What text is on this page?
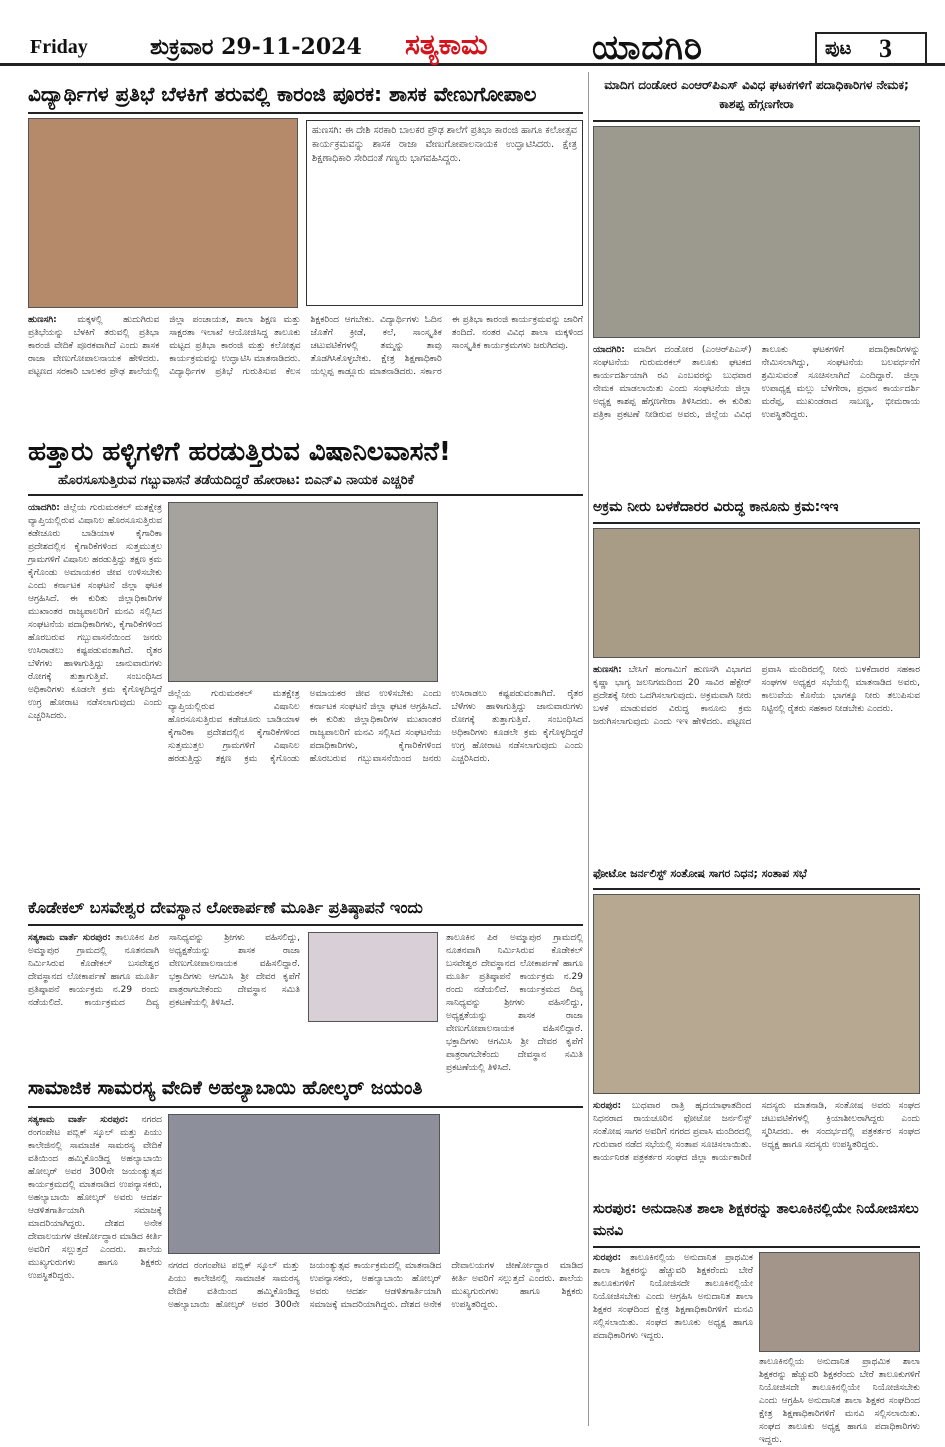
Friday	ಶುಕ್ರವಾರ 29-11-2024 ಸತ್ಯಕಾಮ	ಯಾದಗಿರಿ	ಪುಟ 3
ವಿದ್ಯಾರ್ಥಿಗಳ ಪ್ರತಿಭೆ ಬೆಳಕಿಗೆ ತರುವಲ್ಲಿ ಕಾರಂಜಿ ಪೂರಕ: ಶಾಸಕ ವೇಣುಗೋಪಾಲ
ಹುಣಸಗಿ: ಈ ದೇಶಿ ಸರಕಾರಿ ಬಾಲಕರ ಪ್ರೌಢ ಶಾಲೆಗೆ ಪ್ರತಿಭಾ ಕಾರಂಜಿ ಹಾಗೂ ಕಲೋತ್ಸವ ಕಾರ್ಯಕ್ರಮವನ್ನು ಶಾಸಕ ರಾಜಾ ವೇಣುಗೋಪಾಲನಾಯಕ ಉದ್ಘಾಟಿಸಿದರು. ಕ್ಷೇತ್ರ ಶಿಕ್ಷಣಾಧಿಕಾರಿ ಸೇರಿದಂತೆ ಗಣ್ಯರು ಭಾಗವಹಿಸಿದ್ದರು.
ಹುಣಸಗಿ: ಮಕ್ಕಳಲ್ಲಿ ಹುದುಗಿರುವ ಪ್ರತಿಭೆಯನ್ನು ಬೆಳಕಿಗೆ ತರುವಲ್ಲಿ ಪ್ರತಿಭಾ ಕಾರಂಜಿ ವೇದಿಕೆ ಪೂರಕವಾಗಿದೆ ಎಂದು ಶಾಸಕ ರಾಜಾ ವೇಣುಗೋಪಾಲನಾಯಕ ಹೇಳಿದರು. ಪಟ್ಟಣದ ಸರಕಾರಿ ಬಾಲಕರ ಪ್ರೌಢ ಶಾಲೆಯಲ್ಲಿ ಜಿಲ್ಲಾ ಪಂಚಾಯತ, ಶಾಲಾ ಶಿಕ್ಷಣ ಮತ್ತು ಸಾಕ್ಷರತಾ ಇಲಾಖೆ ಆಯೋಜಿಸಿದ್ದ ತಾಲೂಕು ಮಟ್ಟದ ಪ್ರತಿಭಾ ಕಾರಂಜಿ ಮತ್ತು ಕಲೋತ್ಸವ ಕಾರ್ಯಕ್ರಮವನ್ನು ಉದ್ಘಾಟಿಸಿ ಮಾತನಾಡಿದರು. ವಿದ್ಯಾರ್ಥಿಗಳ ಪ್ರತಿಭೆ ಗುರುತಿಸುವ ಕೆಲಸ ಶಿಕ್ಷಕರಿಂದ ಆಗಬೇಕು. ವಿದ್ಯಾರ್ಥಿಗಳು ಓದಿನ ಜೊತೆಗೆ ಕ್ರೀಡೆ, ಕಲೆ, ಸಾಂಸ್ಕೃತಿಕ ಚಟುವಟಿಕೆಗಳಲ್ಲಿ ತಮ್ಮನ್ನು ತಾವು ತೊಡಗಿಸಿಕೊಳ್ಳಬೇಕು. ಕ್ಷೇತ್ರ ಶಿಕ್ಷಣಾಧಿಕಾರಿ ಯಲ್ಲಪ್ಪ ಕಾಡ್ಲೂರು ಮಾತನಾಡಿದರು. ಸರ್ಕಾರ ಈ ಪ್ರತಿಭಾ ಕಾರಂಜಿ ಕಾರ್ಯಕ್ರಮವನ್ನು ಜಾರಿಗೆ ತಂದಿದೆ. ನಂತರ ವಿವಿಧ ಶಾಲಾ ಮಕ್ಕಳಿಂದ ಸಾಂಸ್ಕೃತಿಕ ಕಾರ್ಯಕ್ರಮಗಳು ಜರುಗಿದವು.
ಮಾದಿಗ ದಂಡೋರ ಎಂಆರ್‌ಪಿಎಸ್ ವಿವಿಧ ಘಟಕಗಳಿಗೆ ಪದಾಧಿಕಾರಿಗಳ ನೇಮಕ; ಕಾಶಪ್ಪ ಹೆಗ್ಗಣಗೇರಾ
ಯಾದಗಿರಿ: ಮಾದಿಗ ದಂಡೋರ (ಎಂಆರ್‌ಪಿಎಸ್) ಸಂಘಟನೆಯ ಗುರುಮಠಕಲ್ ತಾಲೂಕು ಘಟಕದ ಕಾರ್ಯದರ್ಶಿಯಾಗಿ ರವಿ ಎಂಬವರನ್ನು ಬುಧವಾರ ನೇಮಕ ಮಾಡಲಾಯಿತು ಎಂದು ಸಂಘಟನೆಯ ಜಿಲ್ಲಾ ಅಧ್ಯಕ್ಷ ಕಾಶಪ್ಪ ಹೆಗ್ಗಣಗೇರಾ ತಿಳಿಸಿದರು. ಈ ಕುರಿತು ಪತ್ರಿಕಾ ಪ್ರಕಟಣೆ ನೀಡಿರುವ ಅವರು, ಜಿಲ್ಲೆಯ ವಿವಿಧ ತಾಲೂಕು ಘಟಕಗಳಿಗೆ ಪದಾಧಿಕಾರಿಗಳನ್ನು ನೇಮಿಸಲಾಗಿದ್ದು, ಸಂಘಟನೆಯ ಬಲವರ್ಧನೆಗೆ ಶ್ರಮಿಸುವಂತೆ ಸೂಚಿಸಲಾಗಿದೆ ಎಂದಿದ್ದಾರೆ. ಜಿಲ್ಲಾ ಉಪಾಧ್ಯಕ್ಷ ಮಲ್ಲು ಬೆಳಗೇರಾ, ಪ್ರಧಾನ ಕಾರ್ಯದರ್ಶಿ ಮರೆಪ್ಪ, ಮುಖಂಡರಾದ ಸಾಬಣ್ಣ, ಭೀಮರಾಯ ಉಪಸ್ಥಿತರಿದ್ದರು.
ಹತ್ತಾರು ಹಳ್ಳಿಗಳಿಗೆ ಹರಡುತ್ತಿರುವ ವಿಷಾನಿಲವಾಸನೆ!
ಹೊರಸೂಸುತ್ತಿರುವ ಗಬ್ಬುವಾಸನೆ ತಡೆಯದಿದ್ದರೆ ಹೋರಾಟ: ಬಿಎನ್‌ವಿ ನಾಯಕ ಎಚ್ಚರಿಕೆ
ಯಾದಗಿರಿ: ಜಿಲ್ಲೆಯ ಗುರುಮಠಕಲ್ ಮತಕ್ಷೇತ್ರ ವ್ಯಾಪ್ತಿಯಲ್ಲಿರುವ ವಿಷಾನಿಲ ಹೊರಸೂಸುತ್ತಿರುವ ಕಡೇಚೂರು ಬಾಡಿಯಾಳ ಕೈಗಾರಿಕಾ ಪ್ರದೇಶದಲ್ಲಿನ ಕೈಗಾರಿಕೆಗಳಿಂದ ಸುತ್ತಮುತ್ತಲ ಗ್ರಾಮಗಳಿಗೆ ವಿಷಾನಿಲ ಹರಡುತ್ತಿದ್ದು ತಕ್ಷಣ ಕ್ರಮ ಕೈಗೊಂಡು ಅಮಾಯಕರ ಜೀವ ಉಳಿಸಬೇಕು ಎಂದು ಕರ್ನಾಟಕ ಸಂಘಟನೆ ಜಿಲ್ಲಾ ಘಟಕ ಆಗ್ರಹಿಸಿದೆ. ಈ ಕುರಿತು ಜಿಲ್ಲಾಧಿಕಾರಿಗಳ ಮುಖಾಂತರ ರಾಜ್ಯಪಾಲರಿಗೆ ಮನವಿ ಸಲ್ಲಿಸಿದ ಸಂಘಟನೆಯ ಪದಾಧಿಕಾರಿಗಳು, ಕೈಗಾರಿಕೆಗಳಿಂದ ಹೊರಬರುವ ಗಬ್ಬುವಾಸನೆಯಿಂದ ಜನರು ಉಸಿರಾಡಲು ಕಷ್ಟಪಡುವಂತಾಗಿದೆ. ರೈತರ ಬೆಳೆಗಳು ಹಾಳಾಗುತ್ತಿದ್ದು ಜಾನುವಾರುಗಳು ರೋಗಕ್ಕೆ ತುತ್ತಾಗುತ್ತಿವೆ. ಸಂಬಂಧಿಸಿದ ಅಧಿಕಾರಿಗಳು ಕೂಡಲೇ ಕ್ರಮ ಕೈಗೊಳ್ಳದಿದ್ದರೆ ಉಗ್ರ ಹೋರಾಟ ನಡೆಸಲಾಗುವುದು ಎಂದು ಎಚ್ಚರಿಸಿದರು.
ಜಿಲ್ಲೆಯ ಗುರುಮಠಕಲ್ ಮತಕ್ಷೇತ್ರ ವ್ಯಾಪ್ತಿಯಲ್ಲಿರುವ ವಿಷಾನಿಲ ಹೊರಸೂಸುತ್ತಿರುವ ಕಡೇಚೂರು ಬಾಡಿಯಾಳ ಕೈಗಾರಿಕಾ ಪ್ರದೇಶದಲ್ಲಿನ ಕೈಗಾರಿಕೆಗಳಿಂದ ಸುತ್ತಮುತ್ತಲ ಗ್ರಾಮಗಳಿಗೆ ವಿಷಾನಿಲ ಹರಡುತ್ತಿದ್ದು ತಕ್ಷಣ ಕ್ರಮ ಕೈಗೊಂಡು ಅಮಾಯಕರ ಜೀವ ಉಳಿಸಬೇಕು ಎಂದು ಕರ್ನಾಟಕ ಸಂಘಟನೆ ಜಿಲ್ಲಾ ಘಟಕ ಆಗ್ರಹಿಸಿದೆ. ಈ ಕುರಿತು ಜಿಲ್ಲಾಧಿಕಾರಿಗಳ ಮುಖಾಂತರ ರಾಜ್ಯಪಾಲರಿಗೆ ಮನವಿ ಸಲ್ಲಿಸಿದ ಸಂಘಟನೆಯ ಪದಾಧಿಕಾರಿಗಳು, ಕೈಗಾರಿಕೆಗಳಿಂದ ಹೊರಬರುವ ಗಬ್ಬುವಾಸನೆಯಿಂದ ಜನರು ಉಸಿರಾಡಲು ಕಷ್ಟಪಡುವಂತಾಗಿದೆ. ರೈತರ ಬೆಳೆಗಳು ಹಾಳಾಗುತ್ತಿದ್ದು ಜಾನುವಾರುಗಳು ರೋಗಕ್ಕೆ ತುತ್ತಾಗುತ್ತಿವೆ. ಸಂಬಂಧಿಸಿದ ಅಧಿಕಾರಿಗಳು ಕೂಡಲೇ ಕ್ರಮ ಕೈಗೊಳ್ಳದಿದ್ದರೆ ಉಗ್ರ ಹೋರಾಟ ನಡೆಸಲಾಗುವುದು ಎಂದು ಎಚ್ಚರಿಸಿದರು.
ಅಕ್ರಮ ನೀರು ಬಳಕೆದಾರರ ವಿರುದ್ಧ ಕಾನೂನು ಕ್ರಮ:ಇಇ
ಹುಣಸಗಿ: ಬೇಸಿಗೆ ಹಂಗಾಮಿಗೆ ಹುಣಸಗಿ ವಿಭಾಗದ ಕೃಷ್ಣಾ ಭಾಗ್ಯ ಜಲನಿಗಮದಿಂದ 20 ಸಾವಿರ ಹೆಕ್ಟೇರ್ ಪ್ರದೇಶಕ್ಕೆ ನೀರು ಒದಗಿಸಲಾಗುವುದು. ಅಕ್ರಮವಾಗಿ ನೀರು ಬಳಕೆ ಮಾಡುವವರ ವಿರುದ್ಧ ಕಾನೂನು ಕ್ರಮ ಜರುಗಿಸಲಾಗುವುದು ಎಂದು ಇಇ ಹೇಳಿದರು. ಪಟ್ಟಣದ ಪ್ರವಾಸಿ ಮಂದಿರದಲ್ಲಿ ನೀರು ಬಳಕೆದಾರರ ಸಹಕಾರ ಸಂಘಗಳ ಅಧ್ಯಕ್ಷರ ಸಭೆಯಲ್ಲಿ ಮಾತನಾಡಿದ ಅವರು, ಕಾಲುವೆಯ ಕೊನೆಯ ಭಾಗಕ್ಕೂ ನೀರು ತಲುಪಿಸುವ ನಿಟ್ಟಿನಲ್ಲಿ ರೈತರು ಸಹಕಾರ ನೀಡಬೇಕು ಎಂದರು.
ಕೊಡೇಕಲ್ ಬಸವೇಶ್ವರ ದೇವಸ್ಥಾನ ಲೋಕಾರ್ಪಣೆ ಮೂರ್ತಿ ಪ್ರತಿಷ್ಠಾಪನೆ ಇಂದು
ಸತ್ಯಕಾಮ ವಾರ್ತೆ ಸುರಪುರ: ತಾಲೂಕಿನ ಪಿಠ ಅಮ್ಮಾಪುರ ಗ್ರಾಮದಲ್ಲಿ ನೂತನವಾಗಿ ನಿರ್ಮಿಸಿರುವ ಕೊಡೇಕಲ್ ಬಸವೇಶ್ವರ ದೇವಸ್ಥಾನದ ಲೋಕಾರ್ಪಣೆ ಹಾಗೂ ಮೂರ್ತಿ ಪ್ರತಿಷ್ಠಾಪನೆ ಕಾರ್ಯಕ್ರಮ ನ.29 ರಂದು ನಡೆಯಲಿದೆ. ಕಾರ್ಯಕ್ರಮದ ದಿವ್ಯ ಸಾನಿಧ್ಯವನ್ನು ಶ್ರೀಗಳು ವಹಿಸಲಿದ್ದು, ಅಧ್ಯಕ್ಷತೆಯನ್ನು ಶಾಸಕ ರಾಜಾ ವೇಣುಗೋಪಾಲನಾಯಕ ವಹಿಸಲಿದ್ದಾರೆ. ಭಕ್ತಾದಿಗಳು ಆಗಮಿಸಿ ಶ್ರೀ ದೇವರ ಕೃಪೆಗೆ ಪಾತ್ರರಾಗಬೇಕೆಂದು ದೇವಸ್ಥಾನ ಸಮಿತಿ ಪ್ರಕಟಣೆಯಲ್ಲಿ ತಿಳಿಸಿದೆ.
ತಾಲೂಕಿನ ಪಿಠ ಅಮ್ಮಾಪುರ ಗ್ರಾಮದಲ್ಲಿ ನೂತನವಾಗಿ ನಿರ್ಮಿಸಿರುವ ಕೊಡೇಕಲ್ ಬಸವೇಶ್ವರ ದೇವಸ್ಥಾನದ ಲೋಕಾರ್ಪಣೆ ಹಾಗೂ ಮೂರ್ತಿ ಪ್ರತಿಷ್ಠಾಪನೆ ಕಾರ್ಯಕ್ರಮ ನ.29 ರಂದು ನಡೆಯಲಿದೆ. ಕಾರ್ಯಕ್ರಮದ ದಿವ್ಯ ಸಾನಿಧ್ಯವನ್ನು ಶ್ರೀಗಳು ವಹಿಸಲಿದ್ದು, ಅಧ್ಯಕ್ಷತೆಯನ್ನು ಶಾಸಕ ರಾಜಾ ವೇಣುಗೋಪಾಲನಾಯಕ ವಹಿಸಲಿದ್ದಾರೆ. ಭಕ್ತಾದಿಗಳು ಆಗಮಿಸಿ ಶ್ರೀ ದೇವರ ಕೃಪೆಗೆ ಪಾತ್ರರಾಗಬೇಕೆಂದು ದೇವಸ್ಥಾನ ಸಮಿತಿ ಪ್ರಕಟಣೆಯಲ್ಲಿ ತಿಳಿಸಿದೆ.
ಫೋಟೋ ಜರ್ನಲಿಸ್ಟ್ ಸಂತೋಷ ಸಾಗರ ನಿಧನ; ಸಂತಾಪ ಸಭೆ
ಸುರಪುರ: ಬುಧವಾರ ರಾತ್ರಿ ಹೃದಯಾಘಾತದಿಂದ ನಿಧನರಾದ ರಾಯಚೂರಿನ ಫೋಟೋ ಜರ್ನಲಿಸ್ಟ್ ಸಂತೋಷ ಸಾಗರ ಅವರಿಗೆ ನಗರದ ಪ್ರವಾಸಿ ಮಂದಿರದಲ್ಲಿ ಗುರುವಾರ ನಡೆದ ಸಭೆಯಲ್ಲಿ ಸಂತಾಪ ಸೂಚಿಸಲಾಯಿತು. ಕಾರ್ಯನಿರತ ಪತ್ರಕರ್ತರ ಸಂಘದ ಜಿಲ್ಲಾ ಕಾರ್ಯಕಾರಿಣಿ ಸದಸ್ಯರು ಮಾತನಾಡಿ, ಸಂತೋಷ ಅವರು ಸಂಘದ ಚಟುವಟಿಕೆಗಳಲ್ಲಿ ಕ್ರಿಯಾಶೀಲರಾಗಿದ್ದರು ಎಂದು ಸ್ಮರಿಸಿದರು. ಈ ಸಂದರ್ಭದಲ್ಲಿ ಪತ್ರಕರ್ತರ ಸಂಘದ ಅಧ್ಯಕ್ಷ ಹಾಗೂ ಸದಸ್ಯರು ಉಪಸ್ಥಿತರಿದ್ದರು.
ಸಾಮಾಜಿಕ ಸಾಮರಸ್ಯ ವೇದಿಕೆ ಅಹಲ್ಯಾಬಾಯಿ ಹೋಲ್ಕರ್ ಜಯಂತಿ
ಸತ್ಯಕಾಮ ವಾರ್ತೆ ಸುರಪುರ: ನಗರದ ರಂಗಂಪೇಟ ಪಬ್ಲಿಕ್ ಸ್ಕೂಲ್ ಮತ್ತು ಪಿಯು ಕಾಲೇಜಿನಲ್ಲಿ ಸಾಮಾಜಿಕ ಸಾಮರಸ್ಯ ವೇದಿಕೆ ವತಿಯಿಂದ ಹಮ್ಮಿಕೊಂಡಿದ್ದ ಅಹಲ್ಯಾಬಾಯಿ ಹೋಲ್ಕರ್ ಅವರ 300ನೇ ಜಯಂತ್ಯುತ್ಸವ ಕಾರ್ಯಕ್ರಮದಲ್ಲಿ ಮಾತನಾಡಿದ ಉಪನ್ಯಾಸಕರು, ಅಹಲ್ಯಾಬಾಯಿ ಹೋಲ್ಕರ್ ಅವರು ಆದರ್ಶ ಆಡಳಿತಗಾರ್ತಿಯಾಗಿ ಸಮಾಜಕ್ಕೆ ಮಾದರಿಯಾಗಿದ್ದರು. ದೇಶದ ಅನೇಕ ದೇವಾಲಯಗಳ ಜೀರ್ಣೋದ್ಧಾರ ಮಾಡಿದ ಕೀರ್ತಿ ಅವರಿಗೆ ಸಲ್ಲುತ್ತದೆ ಎಂದರು. ಶಾಲೆಯ ಮುಖ್ಯಗುರುಗಳು ಹಾಗೂ ಶಿಕ್ಷಕರು ಉಪಸ್ಥಿತರಿದ್ದರು.
ನಗರದ ರಂಗಂಪೇಟ ಪಬ್ಲಿಕ್ ಸ್ಕೂಲ್ ಮತ್ತು ಪಿಯು ಕಾಲೇಜಿನಲ್ಲಿ ಸಾಮಾಜಿಕ ಸಾಮರಸ್ಯ ವೇದಿಕೆ ವತಿಯಿಂದ ಹಮ್ಮಿಕೊಂಡಿದ್ದ ಅಹಲ್ಯಾಬಾಯಿ ಹೋಲ್ಕರ್ ಅವರ 300ನೇ ಜಯಂತ್ಯುತ್ಸವ ಕಾರ್ಯಕ್ರಮದಲ್ಲಿ ಮಾತನಾಡಿದ ಉಪನ್ಯಾಸಕರು, ಅಹಲ್ಯಾಬಾಯಿ ಹೋಲ್ಕರ್ ಅವರು ಆದರ್ಶ ಆಡಳಿತಗಾರ್ತಿಯಾಗಿ ಸಮಾಜಕ್ಕೆ ಮಾದರಿಯಾಗಿದ್ದರು. ದೇಶದ ಅನೇಕ ದೇವಾಲಯಗಳ ಜೀರ್ಣೋದ್ಧಾರ ಮಾಡಿದ ಕೀರ್ತಿ ಅವರಿಗೆ ಸಲ್ಲುತ್ತದೆ ಎಂದರು. ಶಾಲೆಯ ಮುಖ್ಯಗುರುಗಳು ಹಾಗೂ ಶಿಕ್ಷಕರು ಉಪಸ್ಥಿತರಿದ್ದರು.
ಸುರಪುರ: ಅನುದಾನಿತ ಶಾಲಾ ಶಿಕ್ಷಕರನ್ನು ತಾಲೂಕಿನಲ್ಲಿಯೇ ನಿಯೋಜಿಸಲು ಮನವಿ
ಸುರಪುರ: ತಾಲೂಕಿನಲ್ಲಿಯ ಅನುದಾನಿತ ಪ್ರಾಥಮಿಕ ಶಾಲಾ ಶಿಕ್ಷಕರನ್ನು ಹೆಚ್ಚುವರಿ ಶಿಕ್ಷಕರೆಂದು ಬೇರೆ ತಾಲೂಕುಗಳಿಗೆ ನಿಯೋಜಿಸದೇ ತಾಲೂಕಿನಲ್ಲಿಯೇ ನಿಯೋಜಿಸಬೇಕು ಎಂದು ಆಗ್ರಹಿಸಿ ಅನುದಾನಿತ ಶಾಲಾ ಶಿಕ್ಷಕರ ಸಂಘದಿಂದ ಕ್ಷೇತ್ರ ಶಿಕ್ಷಣಾಧಿಕಾರಿಗಳಿಗೆ ಮನವಿ ಸಲ್ಲಿಸಲಾಯಿತು. ಸಂಘದ ತಾಲೂಕು ಅಧ್ಯಕ್ಷ ಹಾಗೂ ಪದಾಧಿಕಾರಿಗಳು ಇದ್ದರು.
ತಾಲೂಕಿನಲ್ಲಿಯ ಅನುದಾನಿತ ಪ್ರಾಥಮಿಕ ಶಾಲಾ ಶಿಕ್ಷಕರನ್ನು ಹೆಚ್ಚುವರಿ ಶಿಕ್ಷಕರೆಂದು ಬೇರೆ ತಾಲೂಕುಗಳಿಗೆ ನಿಯೋಜಿಸದೇ ತಾಲೂಕಿನಲ್ಲಿಯೇ ನಿಯೋಜಿಸಬೇಕು ಎಂದು ಆಗ್ರಹಿಸಿ ಅನುದಾನಿತ ಶಾಲಾ ಶಿಕ್ಷಕರ ಸಂಘದಿಂದ ಕ್ಷೇತ್ರ ಶಿಕ್ಷಣಾಧಿಕಾರಿಗಳಿಗೆ ಮನವಿ ಸಲ್ಲಿಸಲಾಯಿತು. ಸಂಘದ ತಾಲೂಕು ಅಧ್ಯಕ್ಷ ಹಾಗೂ ಪದಾಧಿಕಾರಿಗಳು ಇದ್ದರು.
